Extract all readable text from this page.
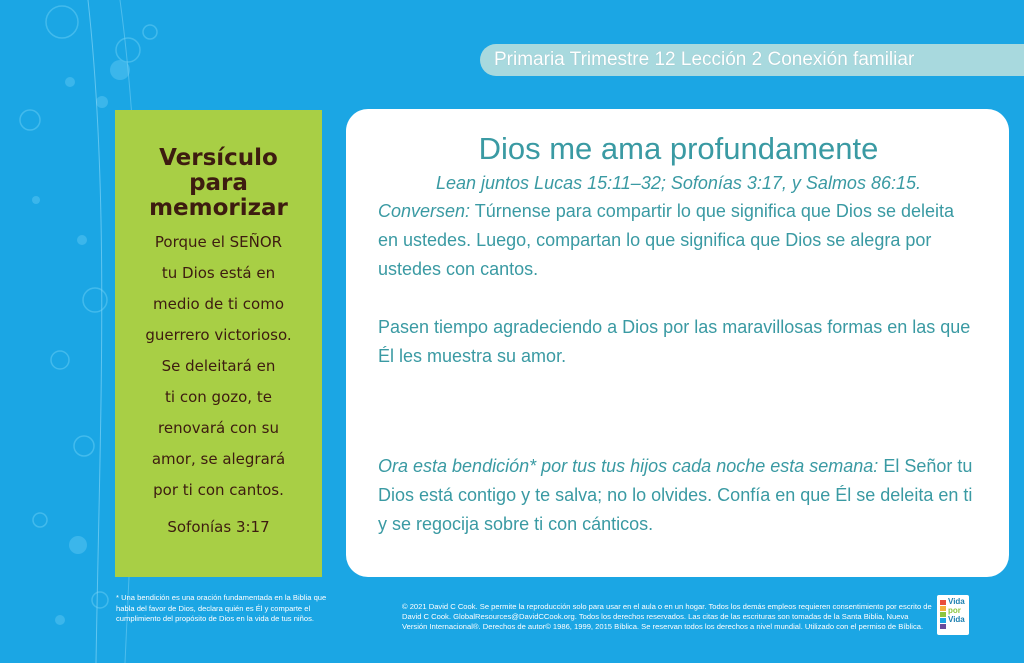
Primaria Trimestre 12 Lección 2 Conexión familiar
Versículo
para
memorizar
Porque el SEÑOR
tu Dios está en
medio de ti como
guerrero victorioso.
Se deleitará en
ti con gozo, te
renovará con su
amor, se alegrará
por ti con cantos.
Sofonías 3:17
Dios me ama profundamente
Lean juntos Lucas 15:11–32; Sofonías 3:17, y Salmos 86:15.

Conversen: Túrnense para compartir lo que significa que Dios se deleita en ustedes. Luego, compartan lo que significa que Dios se alegra por ustedes con cantos.

Pasen tiempo agradeciendo a Dios por las maravillosas formas en las que Él les muestra su amor.

Ora esta bendición* por tus tus hijos cada noche esta semana: El Señor tu Dios está contigo y te salva; no lo olvides. Confía en que Él se deleita en ti y se regocija sobre ti con cánticos.

* Una bendición es una oración fundamentada en la Biblia que habla del favor de Dios, declara quién es Él y comparte el cumplimiento del propósito de Dios en la vida de tus niños.
© 2021 David C Cook. Se permite la reproducción solo para usar en el aula o en un hogar. Todos los demás empleos requieren consentimiento por escrito de David C Cook. GlobalResources@DavidCCook.org. Todos los derechos reservados. Las citas de las escrituras son tomadas de la Santa Biblia, Nueva Versión Internacional®. Derechos de autor© 1986, 1999, 2015 Bíblica. Se reservan todos los derechos a nivel mundial. Utilizado con el permiso de Bíblica.
Vida
por
Vida
